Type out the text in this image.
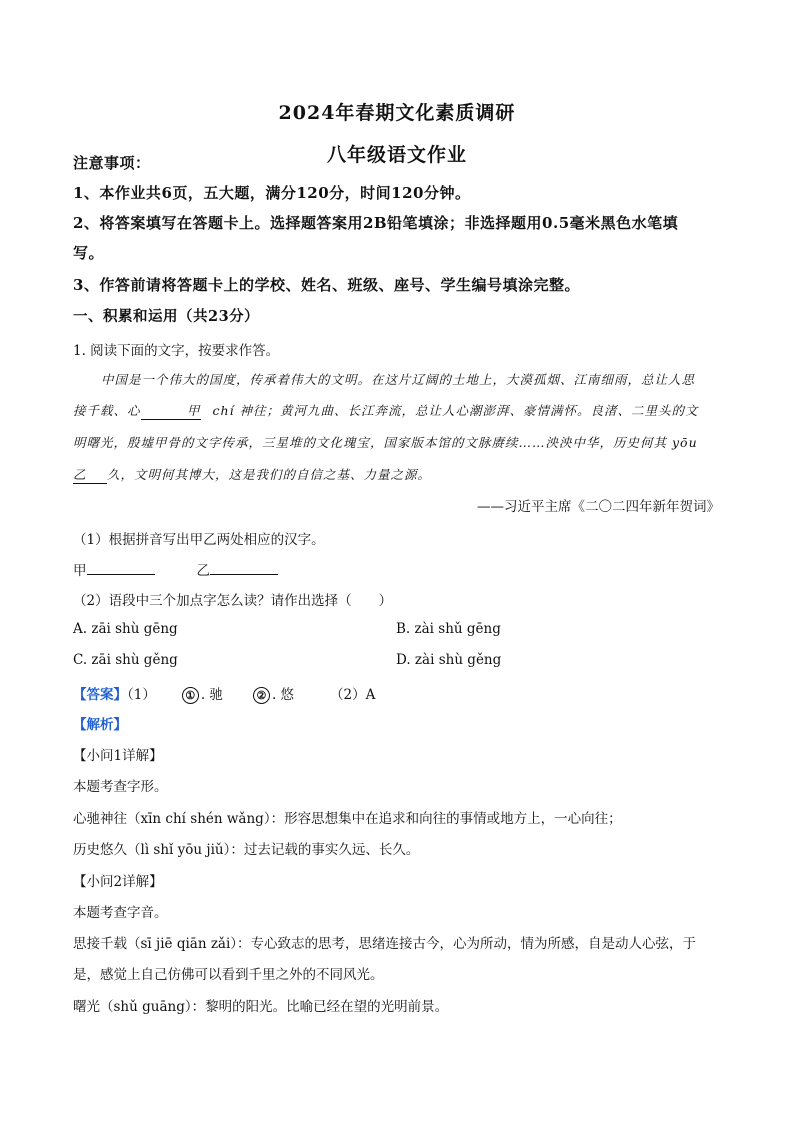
2024年春期文化素质调研
八年级语文作业
注意事项：
1、本作业共6页，五大题，满分120分，时间120分钟。
2、将答案填写在答题卡上。选择题答案用2B铅笔填涂；非选择题用0.5毫米黑色水笔填
写。
3、作答前请将答题卡上的学校、姓名、班级、座号、学生编号填涂完整。
一、积累和运用（共23分）
1. 阅读下面的文字，按要求作答。
中国是一个伟大的国度，传承着伟大的文明。在这片辽阔的土地上，大漠孤烟、江南细雨，总让人思
接千载、心	甲 chí 神往；黄河九曲、长江奔流，总让人心潮澎湃、豪情满怀。良渚、二里头的文
明曙光，殷墟甲骨的文字传承，三星堆的文化瑰宝，国家版本馆的文脉赓续……泱泱中华，历史何其 yōu
乙 久，文明何其博大，这是我们的自信之基、力量之源。
——习近平主席《二〇二四年新年贺词》
（1）根据拼音写出甲乙两处相应的汉字。
甲	乙
（2）语段中三个加点字怎么读？请作出选择（　　）
A. zāi shù gēng	B. zài shǔ gēng
C. zāi shù gěng	D. zài shù gěng
【答案】（1）	① . 驰	② . 悠	（2）A
【解析】
【小问1详解】
本题考查字形。
心驰神往（xīn chí shén wǎng）：形容思想集中在追求和向往的事情或地方上，一心向往；
历史悠久（lì shǐ yōu jiǔ）：过去记载的事实久远、长久。
【小问2详解】
本题考查字音。
思接千载（sī jiē qiān zǎi）：专心致志的思考，思绪连接古今，心为所动，情为所感，自是动人心弦，于
是，感觉上自己仿佛可以看到千里之外的不同风光。
曙光（shǔ guāng）：黎明的阳光。比喻已经在望的光明前景。
